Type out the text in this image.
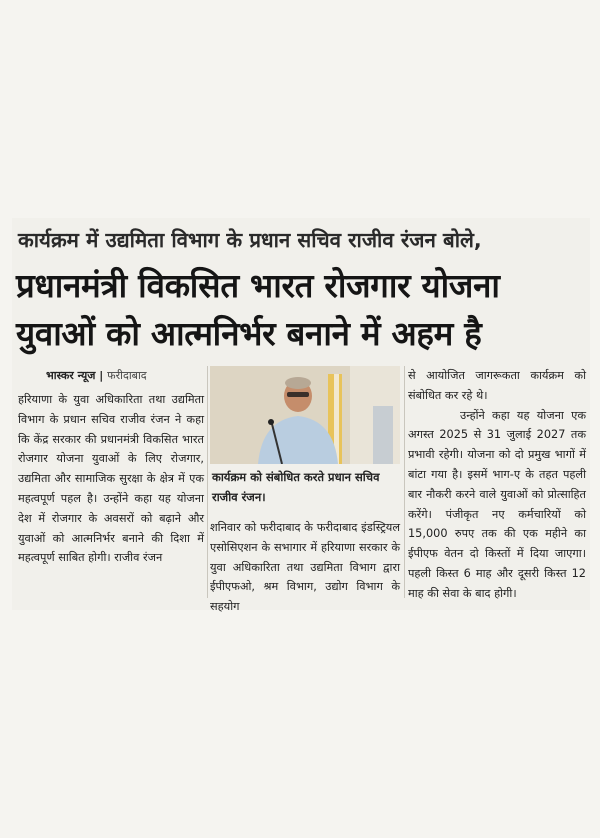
कार्यक्रम में उद्यमिता विभाग के प्रधान सचिव राजीव रंजन बोले,
प्रधानमंत्री विकसित भारत रोजगार योजना
युवाओं को आत्मनिर्भर बनाने में अहम है
भास्कर न्यूज | फरीदाबाद

हरियाणा के युवा अधिकारिता तथा उद्यमिता विभाग के प्रधान सचिव राजीव रंजन ने कहा कि केंद्र सरकार की प्रधानमंत्री विकसित भारत रोजगार योजना युवाओं के लिए रोजगार, उद्यमिता और सामाजिक सुरक्षा के क्षेत्र में एक महत्वपूर्ण पहल है। उन्होंने कहा यह योजना देश में रोजगार के अवसरों को बढ़ाने और युवाओं को आत्मनिर्भर बनाने की दिशा में महत्वपूर्ण साबित होगी। राजीव रंजन

कार्यक्रम को संबोधित करते प्रधान सचिव राजीव रंजन।

शनिवार को फरीदाबाद के फरीदाबाद इंडस्ट्रियल एसोसिएशन के सभागार में हरियाणा सरकार के युवा अधिकारिता तथा उद्यमिता विभाग द्वारा ईपीएफओ, श्रम विभाग, उद्योग विभाग के सहयोग

से आयोजित जागरूकता कार्यक्रम को संबोधित कर रहे थे।

उन्होंने कहा यह योजना एक अगस्त 2025 से 31 जुलाई 2027 तक प्रभावी रहेगी। योजना को दो प्रमुख भागों में बांटा गया है। इसमें भाग-ए के तहत पहली बार नौकरी करने वाले युवाओं को प्रोत्साहित करेंगे। पंजीकृत नए कर्मचारियों को 15,000 रुपए तक की एक महीने का ईपीएफ वेतन दो किस्तों में दिया जाएगा। पहली किस्त 6 माह और दूसरी किस्त 12 माह की सेवा के बाद होगी।
